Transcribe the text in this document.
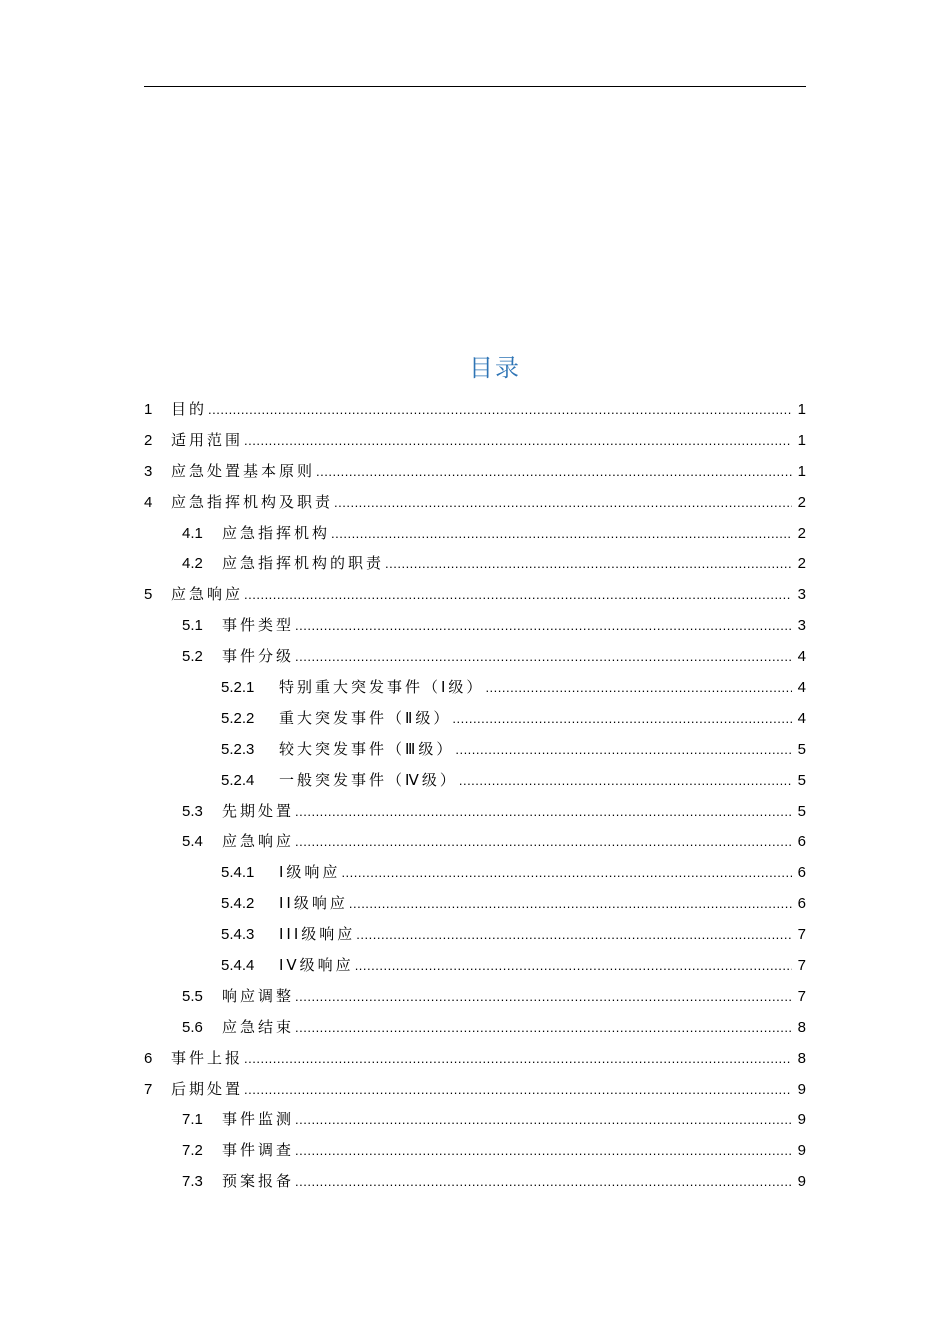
目录
1	目的 .....	1
2	适用范围 .....	1
3	应急处置基本原则 .....	1
4	应急指挥机构及职责 .....	2
4.1	应急指挥机构 .....	2
4.2	应急指挥机构的职责 .....	2
5	应急响应 .....	3
5.1	事件类型 .....	3
5.2	事件分级 .....	4
5.2.1	特别重大突发事件（Ⅰ级） .....	4
5.2.2	重大突发事件（Ⅱ级） .....	4
5.2.3	较大突发事件（Ⅲ级） .....	5
5.2.4	一般突发事件（Ⅳ级） .....	5
5.3	先期处置 .....	5
5.4	应急响应 .....	6
5.4.1	I级响应 .....	6
5.4.2	II级响应 .....	6
5.4.3	III级响应 .....	7
5.4.4	IV级响应 .....	7
5.5	响应调整 .....	7
5.6	应急结束 .....	8
6	事件上报 .....	8
7	后期处置 .....	9
7.1	事件监测 .....	9
7.2	事件调查 .....	9
7.3	预案报备 .....	9
